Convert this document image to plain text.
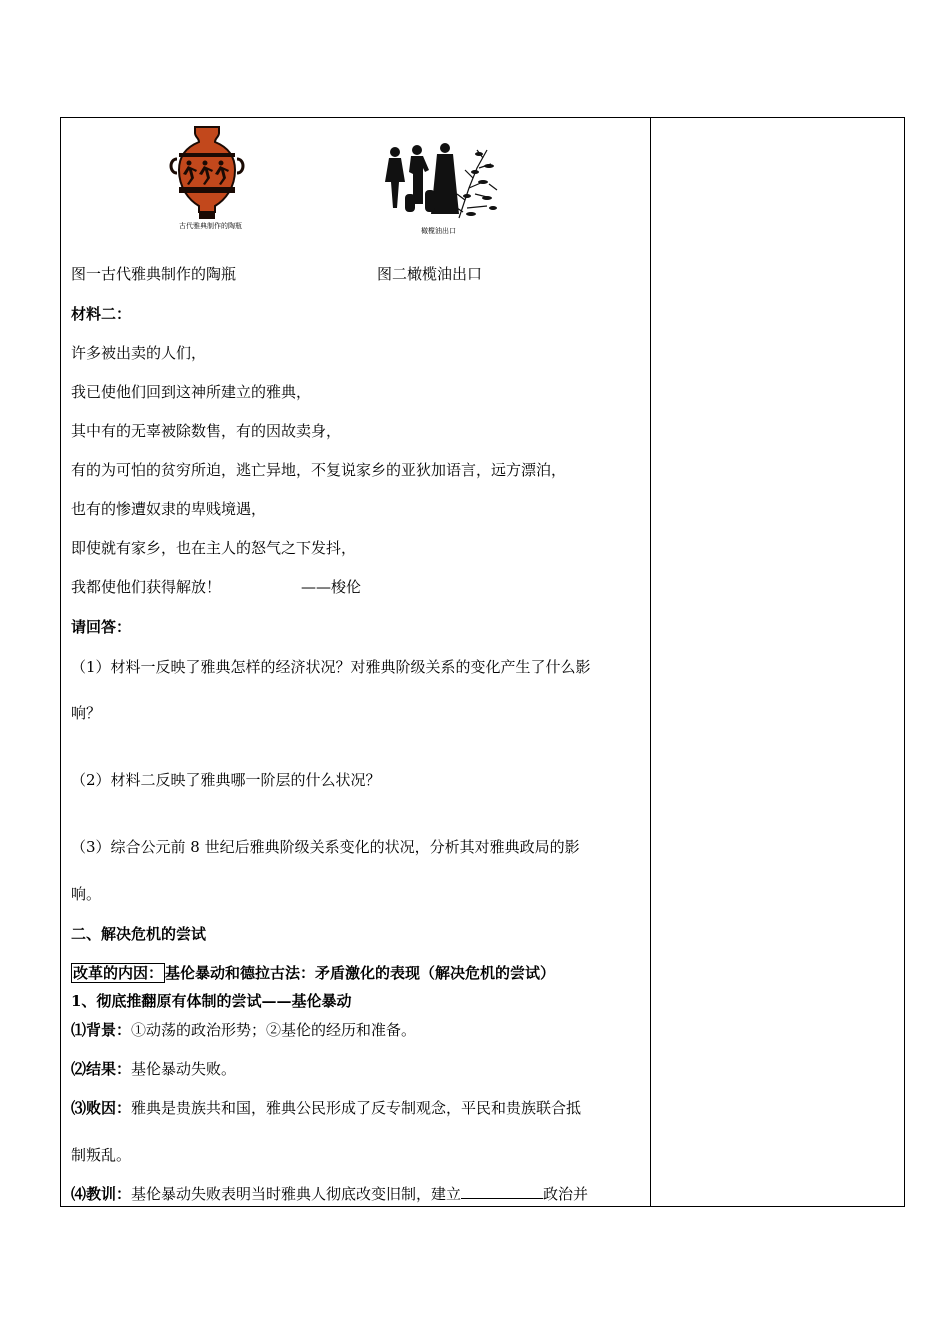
古代雅典制作的陶瓶
橄榄油出口
图一古代雅典制作的陶瓶	图二橄榄油出口
材料二：
许多被出卖的人们，
我已使他们回到这神所建立的雅典，
其中有的无辜被除数售，有的因故卖身，
有的为可怕的贫穷所迫，逃亡异地，不复说家乡的亚狄加语言，远方漂泊，
也有的惨遭奴隶的卑贱境遇，
即使就有家乡，也在主人的怒气之下发抖，
我都使他们获得解放！	——梭伦
请回答：
（1）材料一反映了雅典怎样的经济状况？对雅典阶级关系的变化产生了什么影
响？
（2）材料二反映了雅典哪一阶层的什么状况？
（3）综合公元前 8 世纪后雅典阶级关系变化的状况，分析其对雅典政局的影
响。
二、解决危机的尝试
改革的内因： 基伦暴动和德拉古法：矛盾激化的表现（解决危机的尝试）
1、彻底推翻原有体制的尝试——基伦暴动
⑴背景：①动荡的政治形势；②基伦的经历和准备。
⑵结果：基伦暴动失败。
⑶败因：雅典是贵族共和国，雅典公民形成了反专制观念，平民和贵族联合抵
制叛乱。
⑷教训：基伦暴动失败表明当时雅典人彻底改变旧制，建立	政治并
